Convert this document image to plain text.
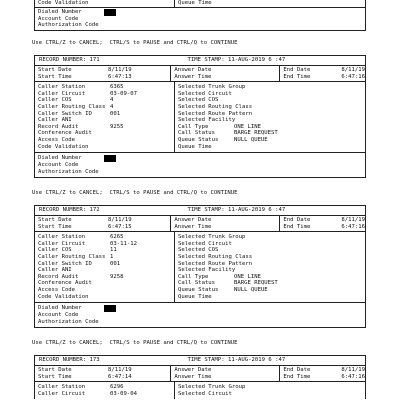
Code Validation	Queue Time
Dialed Number
Account Code
Authorization Code
Use CTRL/Z to CANCEL;  CTRL/S to PAUSE and CTRL/Q to CONTINUE
RECORD NUMBER:
171	TIME STAMP:
11-AUG-2019 6 :47
Start Date	8/11/19
Start Time	6:47:13
Answer Date
Answer Time
End Date	8/11/19
End Time	6:47:16
Caller Station	6365
Caller Circuit	03-09-07
Caller COS	4
Caller Routing Class 4
Caller Switch ID	001
Caller ANI
Record Audit	9255
Conference Audit
Access Code
Code Validation
Selected Trunk Group
Selected Circuit
Selected COS
Selected Routing Class
Selected Route Pattern
Selected Facility
Call Type	ONE LINE
Call Status	BARGE REQUEST
Queue Status	NULL QUEUE
Queue Time
Dialed Number
Account Code
Authorization Code
Use CTRL/Z to CANCEL;  CTRL/S to PAUSE and CTRL/Q to CONTINUE
RECORD NUMBER:
172	TIME STAMP:
11-AUG-2019 6 :47
Start Date	8/11/19
Start Time	6:47:15
Answer Date
Answer Time
End Date	8/11/19
End Time	6:47:16
Caller Station	6265
Caller Circuit	03-11-12
Caller COS	11
Caller Routing Class 1
Caller Switch ID	001
Caller ANI
Record Audit	9258
Conference Audit
Access Code
Code Validation
Selected Trunk Group
Selected Circuit
Selected COS
Selected Routing Class
Selected Route Pattern
Selected Facility
Call Type	ONE LINE
Call Status	BARGE REQUEST
Queue Status	NULL QUEUE
Queue Time
Dialed Number
Account Code
Authorization Code
Use CTRL/Z to CANCEL;  CTRL/S to PAUSE and CTRL/Q to CONTINUE
RECORD NUMBER:
173	TIME STAMP:
11-AUG-2019 6 :47
Start Date	8/11/19
Start Time	6:47:14
Answer Date
Answer Time
End Date	8/11/19
End Time	6:47:16
Caller Station	6296
Caller Circuit	03-09-04
Selected Trunk Group
Selected Circuit
